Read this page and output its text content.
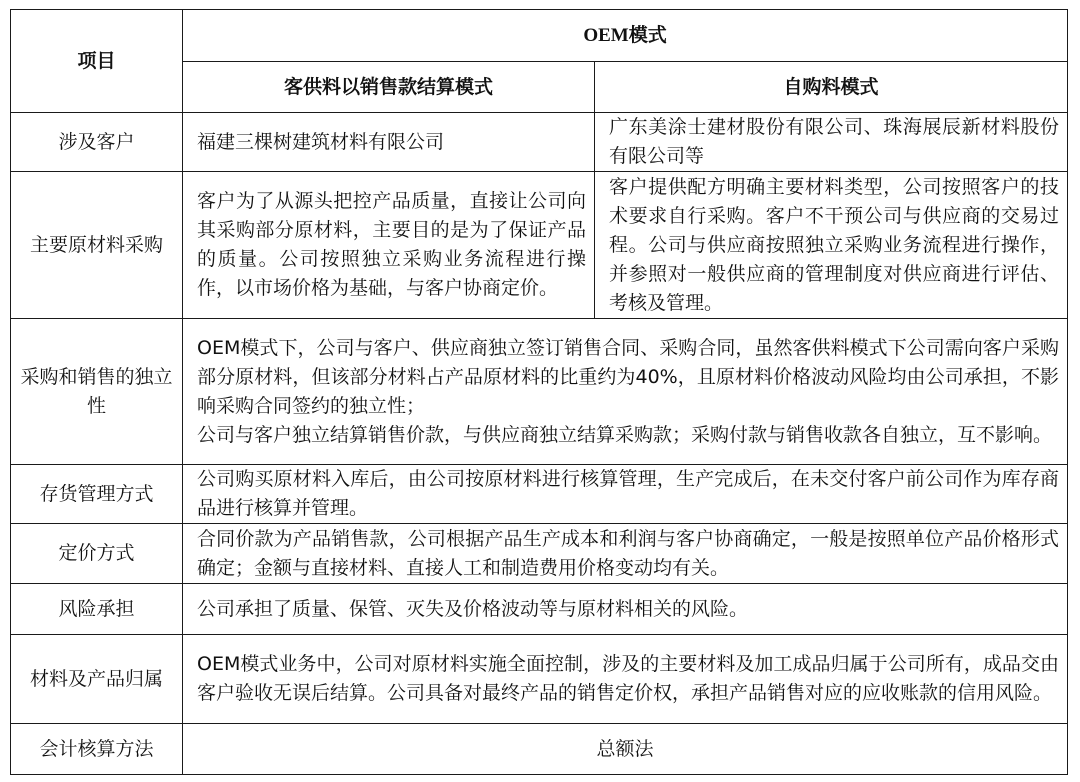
项目	OEM模式	
	客供料以销售款结算模式	自购料模式
涉及客户	福建三棵树建筑材料有限公司	广东美涂士建材股份有限公司、珠海展辰新材料股份有限公司等
主要原材料采购	客户为了从源头把控产品质量，直接让公司向其采购部分原材料，主要目的是为了保证产品的质量。公司按照独立采购业务流程进行操作，以市场价格为基础，与客户协商定价。	客户提供配方明确主要材料类型，公司按照客户的技术要求自行采购。客户不干预公司与供应商的交易过程。公司与供应商按照独立采购业务流程进行操作，并参照对一般供应商的管理制度对供应商进行评估、考核及管理。
采购和销售的独立性	OEM模式下，公司与客户、供应商独立签订销售合同、采购合同，虽然客供料模式下公司需向客户采购部分原材料，但该部分材料占产品原材料的比重约为40%，且原材料价格波动风险均由公司承担，不影响采购合同签约的独立性；
公司与客户独立结算销售价款，与供应商独立结算采购款；采购付款与销售收款各自独立，互不影响。	

存货管理方式	公司购买原材料入库后，由公司按原材料进行核算管理，生产完成后，在未交付客户前公司作为库存商品进行核算并管理。	
定价方式	合同价款为产品销售款，公司根据产品生产成本和利润与客户协商确定，一般是按照单位产品价格形式确定；金额与直接材料、直接人工和制造费用价格变动均有关。	
风险承担	公司承担了质量、保管、灭失及价格波动等与原材料相关的风险。	
材料及产品归属	OEM模式业务中，公司对原材料实施全面控制，涉及的主要材料及加工成品归属于公司所有，成品交由客户验收无误后结算。公司具备对最终产品的销售定价权，承担产品销售对应的应收账款的信用风险。	
会计核算方法	总额法	
